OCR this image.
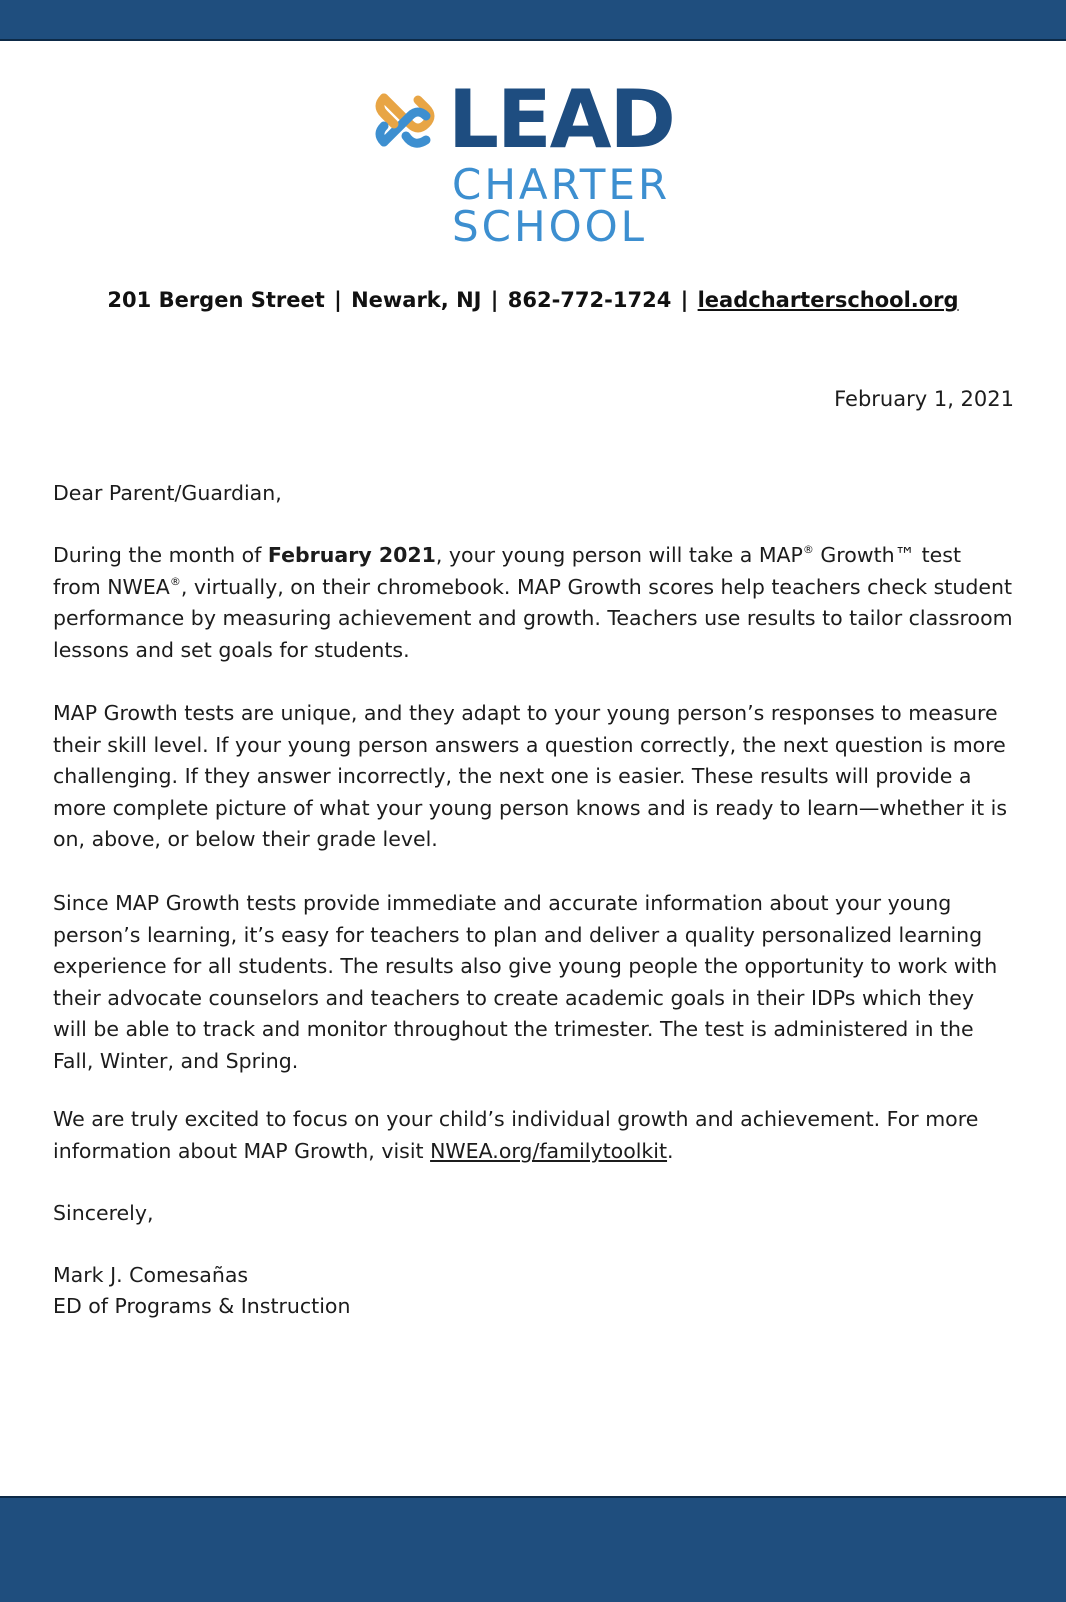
LEAD
CHARTER
SCHOOL
201 Bergen Street | Newark, NJ | 862-772-1724 | leadcharterschool.org
February 1, 2021
Dear Parent/Guardian,
During the month of February 2021, your young person will take a MAP® Growth™ test from NWEA®, virtually, on their chromebook. MAP Growth scores help teachers check student performance by measuring achievement and growth. Teachers use results to tailor classroom lessons and set goals for students.
MAP Growth tests are unique, and they adapt to your young person’s responses to measure their skill level. If your young person answers a question correctly, the next question is more challenging. If they answer incorrectly, the next one is easier. These results will provide a more complete picture of what your young person knows and is ready to learn—whether it is on, above, or below their grade level.
Since MAP Growth tests provide immediate and accurate information about your young person’s learning, it’s easy for teachers to plan and deliver a quality personalized learning experience for all students. The results also give young people the opportunity to work with their advocate counselors and teachers to create academic goals in their IDPs which they will be able to track and monitor throughout the trimester. The test is administered in the Fall, Winter, and Spring.
We are truly excited to focus on your child’s individual growth and achievement. For more information about MAP Growth, visit NWEA.org/familytoolkit.
Sincerely,
Mark J. Comesañas
ED of Programs & Instruction
